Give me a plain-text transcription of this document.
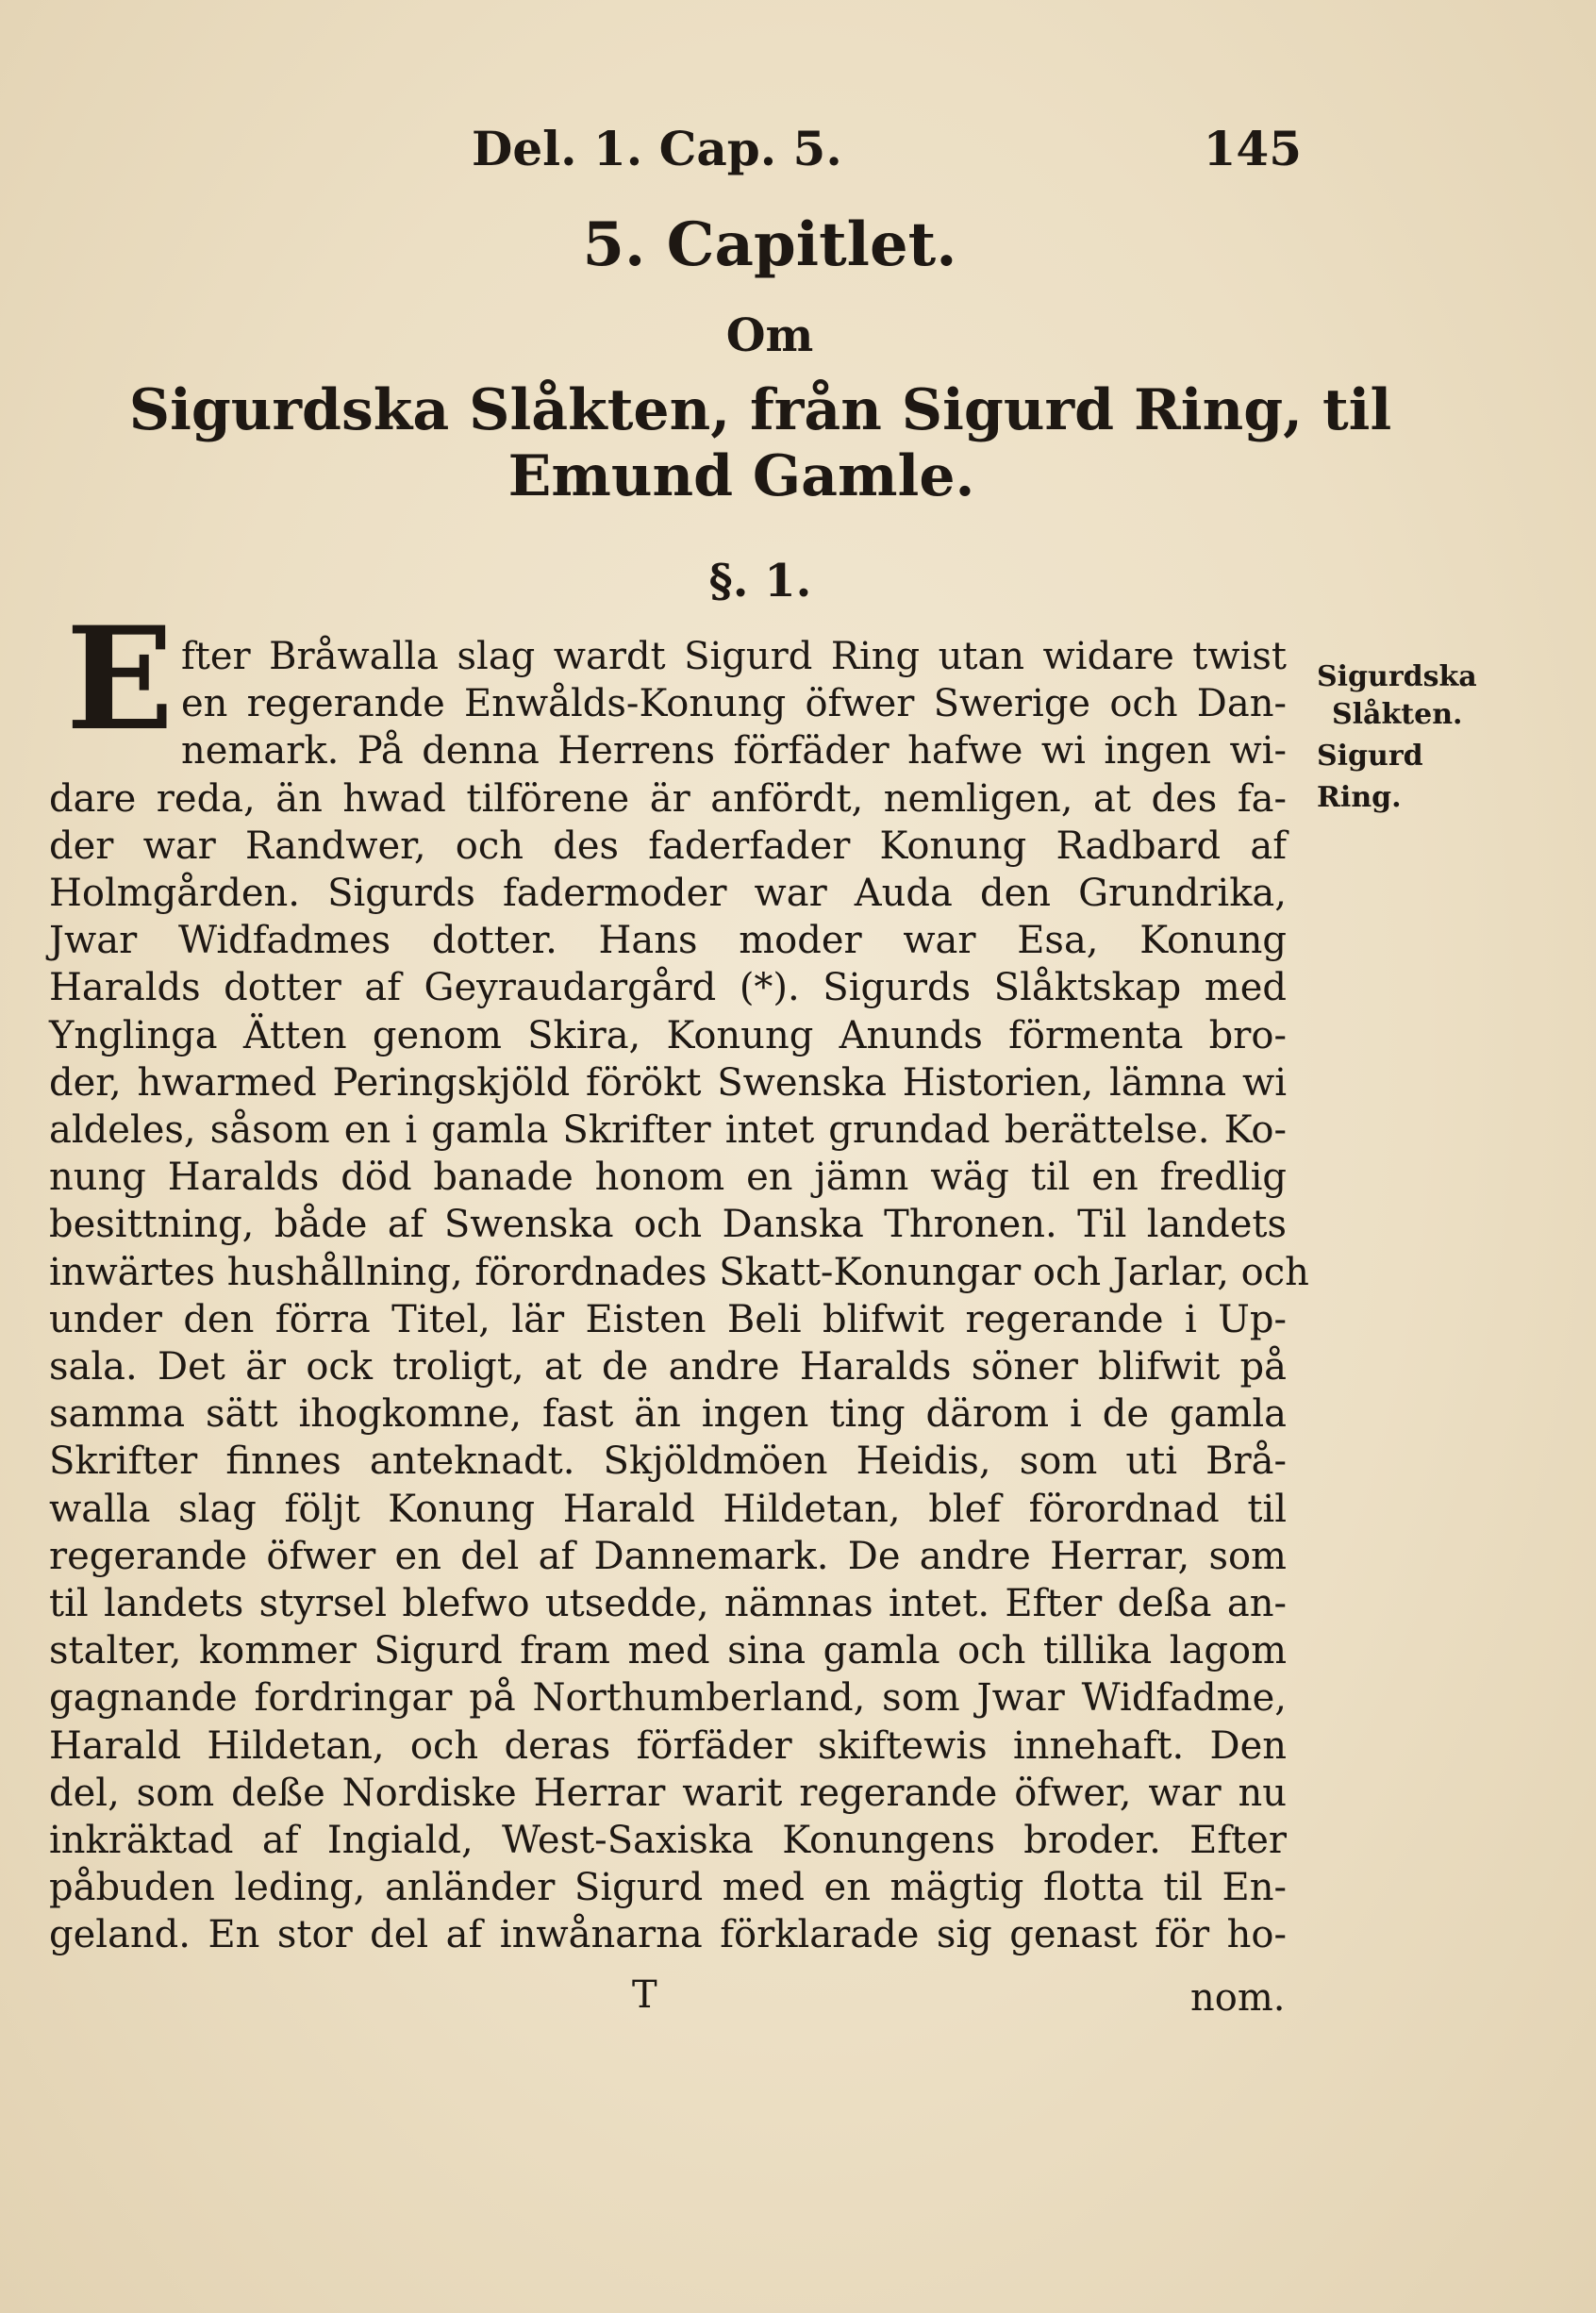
Del. 1. Cap. 5.	145
5. Capitlet.
Om
Sigurdska Slåkten, från Sigurd Ring, til
Emund Gamle.
§. 1.
E fter Bråwalla slag wardt Sigurd Ring utan widare twist
en regerande Enwålds-Konung öfwer Swerige och Dan-
nemark. På denna Herrens förfäder hafwe wi ingen wi-
dare reda, än hwad tilförene är anfördt, nemligen, at des fa-
der war Randwer, och des faderfader Konung Radbard af
Holmgården. Sigurds fadermoder war Auda den Grundrika,
Jwar Widfadmes dotter. Hans moder war Esa, Konung
Haralds dotter af Geyraudargård (*). Sigurds Slåktskap med
Ynglinga Ätten genom Skira, Konung Anunds förmenta bro-
der, hwarmed Peringskjöld förökt Swenska Historien, lämna wi
aldeles, såsom en i gamla Skrifter intet grundad berättelse. Ko-
nung Haralds död banade honom en jämn wäg til en fredlig
besittning, både af Swenska och Danska Thronen. Til landets
inwärtes hushållning, förordnades Skatt-Konungar och Jarlar, och
under den förra Titel, lär Eisten Beli blifwit regerande i Up-
sala. Det är ock troligt, at de andre Haralds söner blifwit på
samma sätt ihogkomne, fast än ingen ting därom i de gamla
Skrifter finnes anteknadt. Skjöldmöen Heidis, som uti Brå-
walla slag följt Konung Harald Hildetan, blef förordnad til
regerande öfwer en del af Dannemark. De andre Herrar, som
til landets styrsel blefwo utsedde, nämnas intet. Efter deßa an-
stalter, kommer Sigurd fram med sina gamla och tillika lagom
gagnande fordringar på Northumberland, som Jwar Widfadme,
Harald Hildetan, och deras förfäder skiftewis innehaft. Den
del, som deße Nordiske Herrar warit regerande öfwer, war nu
inkräktad af Ingiald, West-Saxiska Konungens broder. Efter
påbuden leding, anländer Sigurd med en mägtig flotta til En-
geland. En stor del af inwånarna förklarade sig genast för ho-
Sigurdska
Slåkten.
Sigurd
Ring.
T	nom.
